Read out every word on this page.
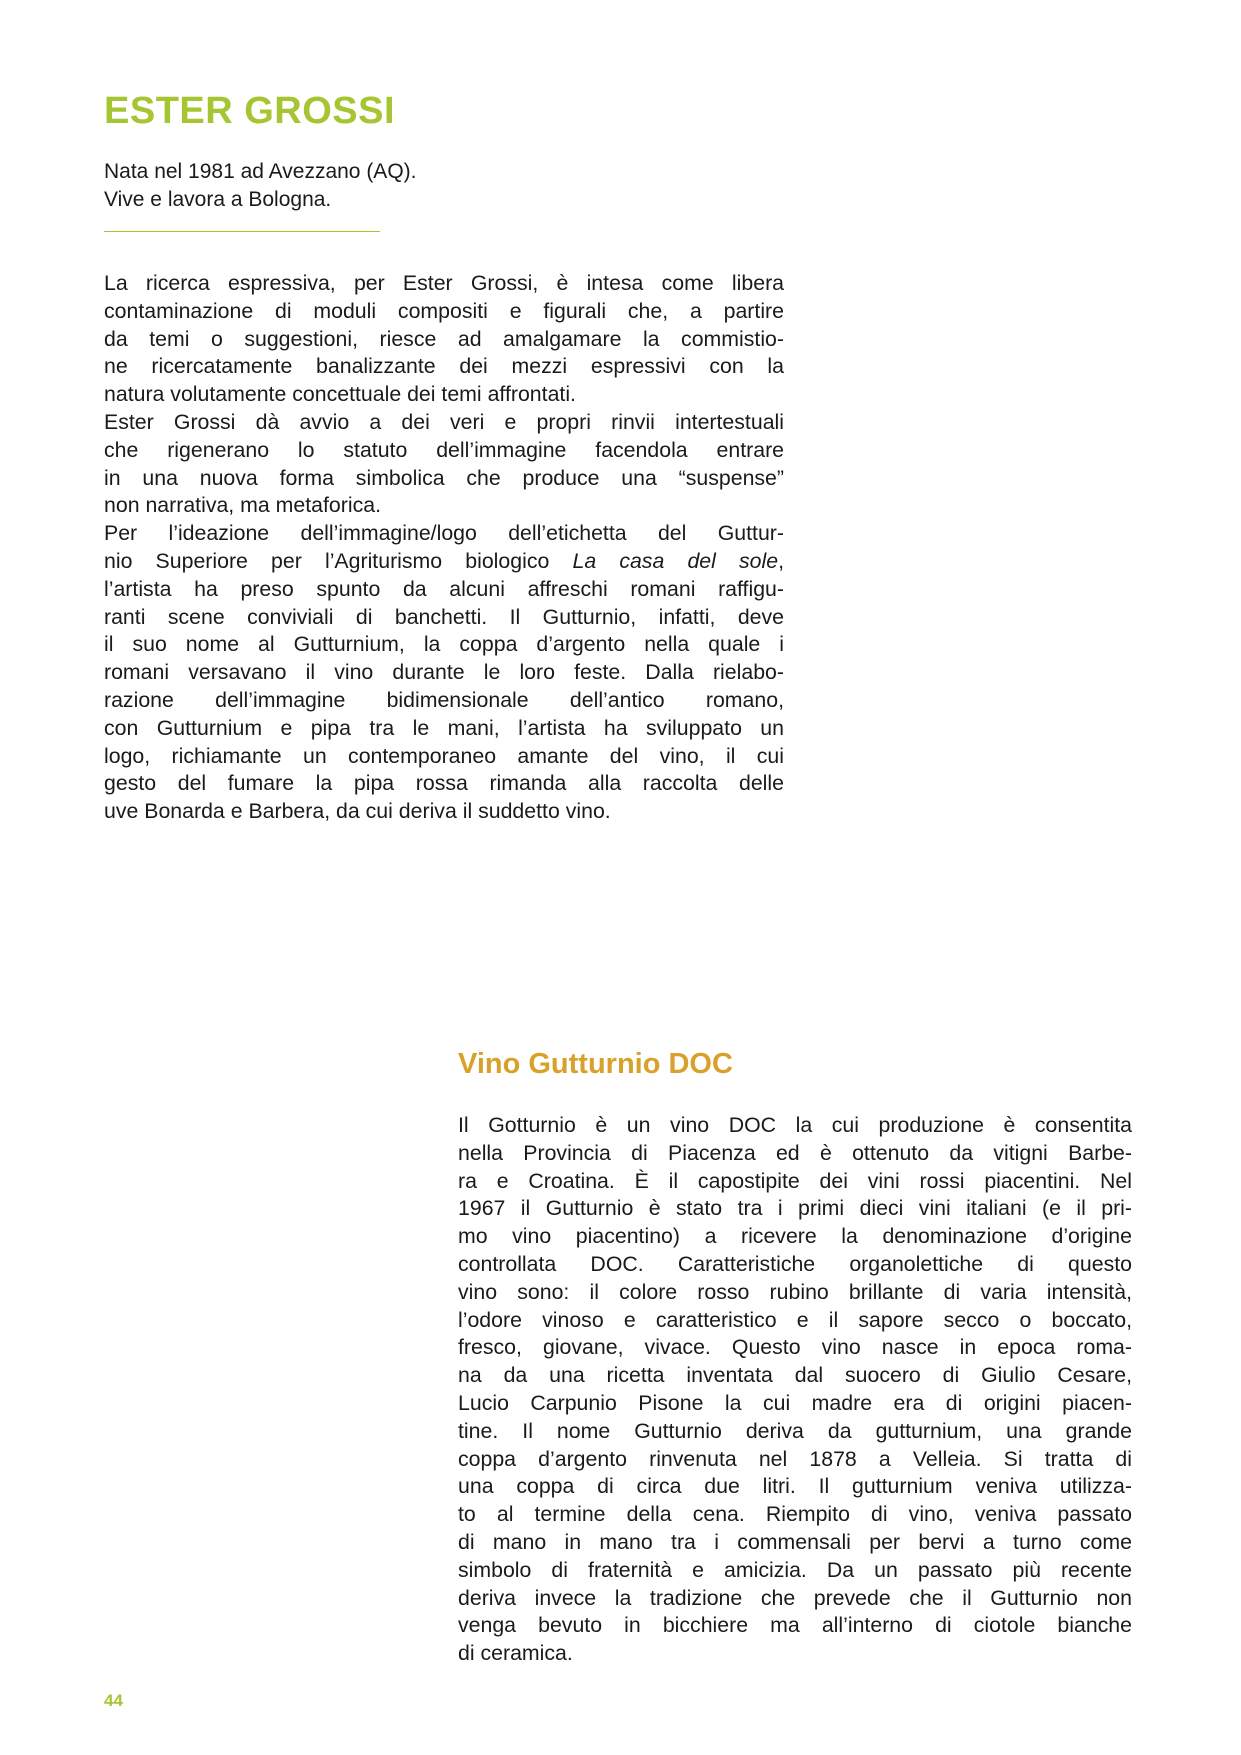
ESTER GROSSI
Nata nel 1981 ad Avezzano (AQ).
Vive e lavora a Bologna.
La ricerca espressiva, per Ester Grossi, è intesa come libera
contaminazione di moduli compositi e figurali che, a partire
da temi o suggestioni, riesce ad amalgamare la commistio-
ne ricercatamente banalizzante dei mezzi espressivi con la
natura volutamente concettuale dei temi affrontati.
Ester Grossi dà avvio a dei veri e propri rinvii intertestuali
che rigenerano lo statuto dell’immagine facendola entrare
in una nuova forma simbolica che produce una “suspense”
non narrativa, ma metaforica.
Per l’ideazione dell’immagine/logo dell’etichetta del Guttur-
nio Superiore per l’Agriturismo biologico La casa del sole,
l’artista ha preso spunto da alcuni affreschi romani raffigu-
ranti scene conviviali di banchetti. Il Gutturnio, infatti, deve
il suo nome al Gutturnium, la coppa d’argento nella quale i
romani versavano il vino durante le loro feste. Dalla rielabo-
razione dell’immagine bidimensionale dell’antico romano,
con Gutturnium e pipa tra le mani, l’artista ha sviluppato un
logo, richiamante un contemporaneo amante del vino, il cui
gesto del fumare la pipa rossa rimanda alla raccolta delle
uve Bonarda e Barbera, da cui deriva il suddetto vino.
Vino Gutturnio DOC
Il Gotturnio è un vino DOC la cui produzione è consentita
nella Provincia di Piacenza ed è ottenuto da vitigni Barbe-
ra e Croatina. È il capostipite dei vini rossi piacentini. Nel
1967 il Gutturnio è stato tra i primi dieci vini italiani (e il pri-
mo vino piacentino) a ricevere la denominazione d’origine
controllata DOC. Caratteristiche organolettiche di questo
vino sono: il colore rosso rubino brillante di varia intensità,
l’odore vinoso e caratteristico e il sapore secco o boccato,
fresco, giovane, vivace. Questo vino nasce in epoca roma-
na da una ricetta inventata dal suocero di Giulio Cesare,
Lucio Carpunio Pisone la cui madre era di origini piacen-
tine. Il nome Gutturnio deriva da gutturnium, una grande
coppa d’argento rinvenuta nel 1878 a Velleia. Si tratta di
una coppa di circa due litri. Il gutturnium veniva utilizza-
to al termine della cena. Riempito di vino, veniva passato
di mano in mano tra i commensali per bervi a turno come
simbolo di fraternità e amicizia. Da un passato più recente
deriva invece la tradizione che prevede che il Gutturnio non
venga bevuto in bicchiere ma all’interno di ciotole bianche
di ceramica.
44
